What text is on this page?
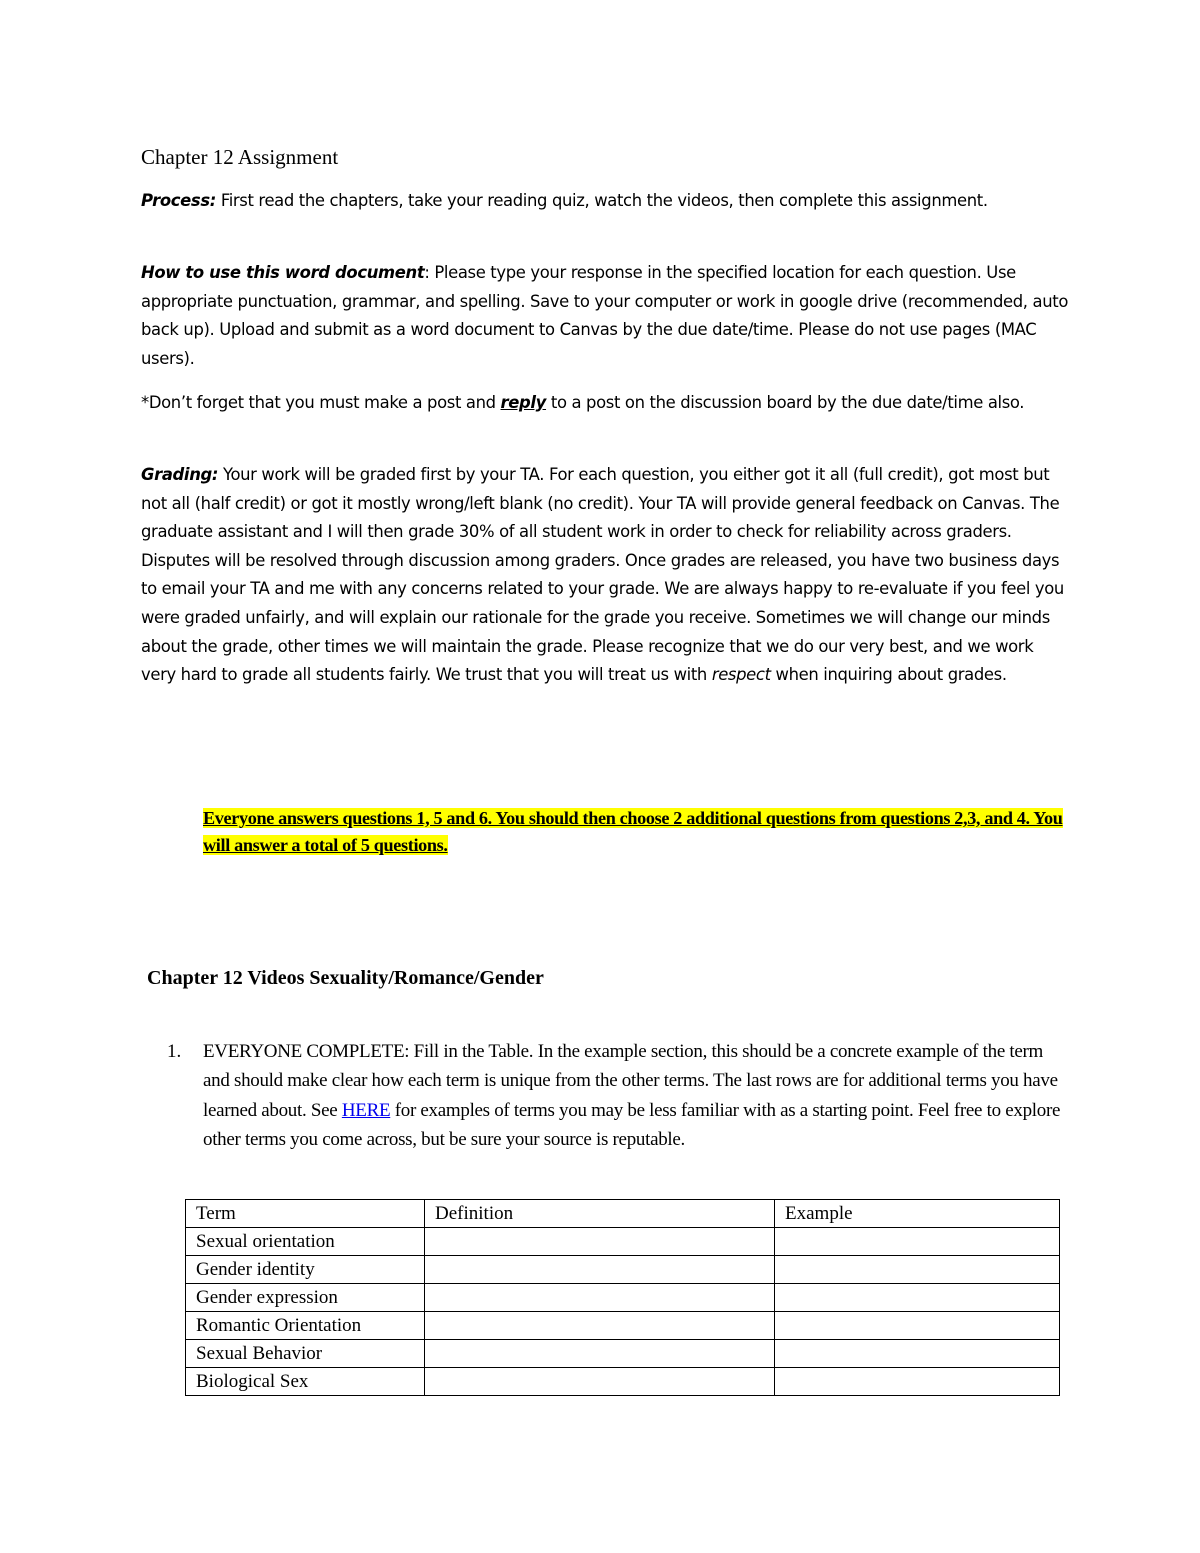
Chapter 12 Assignment
Process: First read the chapters, take your reading quiz, watch the videos, then complete this assignment.
How to use this word document: Please type your response in the specified location for each question. Use appropriate punctuation, grammar, and spelling. Save to your computer or work in google drive (recommended, auto back up). Upload and submit as a word document to Canvas by the due date/time. Please do not use pages (MAC users).
*Don’t forget that you must make a post and reply to a post on the discussion board by the due date/time also.
Grading: Your work will be graded first by your TA. For each question, you either got it all (full credit), got most but not all (half credit) or got it mostly wrong/left blank (no credit). Your TA will provide general feedback on Canvas. The graduate assistant and I will then grade 30% of all student work in order to check for reliability across graders. Disputes will be resolved through discussion among graders. Once grades are released, you have two business days to email your TA and me with any concerns related to your grade. We are always happy to re-evaluate if you feel you were graded unfairly, and will explain our rationale for the grade you receive. Sometimes we will change our minds about the grade, other times we will maintain the grade. Please recognize that we do our very best, and we work very hard to grade all students fairly. We trust that you will treat us with respect when inquiring about grades.
Everyone answers questions 1, 5 and 6. You should then choose 2 additional questions from questions 2,3, and 4. You will answer a total of 5 questions.
Chapter 12 Videos Sexuality/Romance/Gender
1. EVERYONE COMPLETE: Fill in the Table. In the example section, this should be a concrete example of the term and should make clear how each term is unique from the other terms. The last rows are for additional terms you have learned about. See HERE for examples of terms you may be less familiar with as a starting point. Feel free to explore other terms you come across, but be sure your source is reputable.
Term	Definition	Example
Sexual orientation		
Gender identity		
Gender expression		
Romantic Orientation		
Sexual Behavior		
Biological Sex		
